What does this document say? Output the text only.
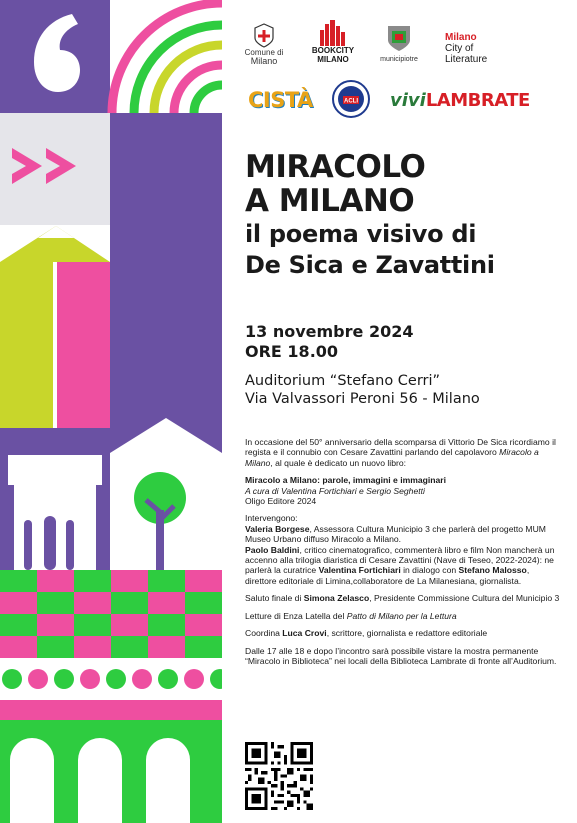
Comune di
Milano
BOOKCITY
MILANO	municipiotre
Milano
City of
Literature
CISTÀ	ACLI viviLAMBRATE
MIRACOLO
A MILANO
il poema visivo di
De Sica e Zavattini
13 novembre 2024
ORE 18.00
Auditorium “Stefano Cerri”
Via Valvassori Peroni 56 - Milano

In occasione del 50° anniversario della scomparsa di Vittorio De Sica ricordiamo il regista e il connubio con Cesare Zavattini parlando del capolavoro Miracolo a Milano, al quale è dedicato un nuovo libro:

Miracolo a Milano: parole, immagini e immaginari
A cura di Valentina Fortichiari e Sergio Seghetti
Oligo Editore 2024

Intervengono:
Valeria Borgese, Assessora Cultura Municipio 3 che parlerà del progetto MUM Museo Urbano diffuso Miracolo a Milano.
Paolo Baldini, critico cinematografico, commenterà libro e film Non mancherà un accenno alla trilogia diaristica di Cesare Zavattini (Nave di Teseo, 2022-2024): ne parlerà la curatrice Valentina Fortichiari in dialogo con Stefano Malosso, direttore editoriale di Limina,collaboratore de La Milanesiana, giornalista.

Saluto finale di Simona Zelasco, Presidente Commissione Cultura del Municipio 3

Letture di Enza Latella del Patto di Milano per la Lettura

Coordina Luca Crovi, scrittore, giornalista e redattore editoriale

Dalle 17 alle 18 e dopo l’incontro sarà possibile vistare la mostra permanente “Miracolo in Biblioteca” nei locali della Biblioteca Lambrate di fronte all’Auditorium.
